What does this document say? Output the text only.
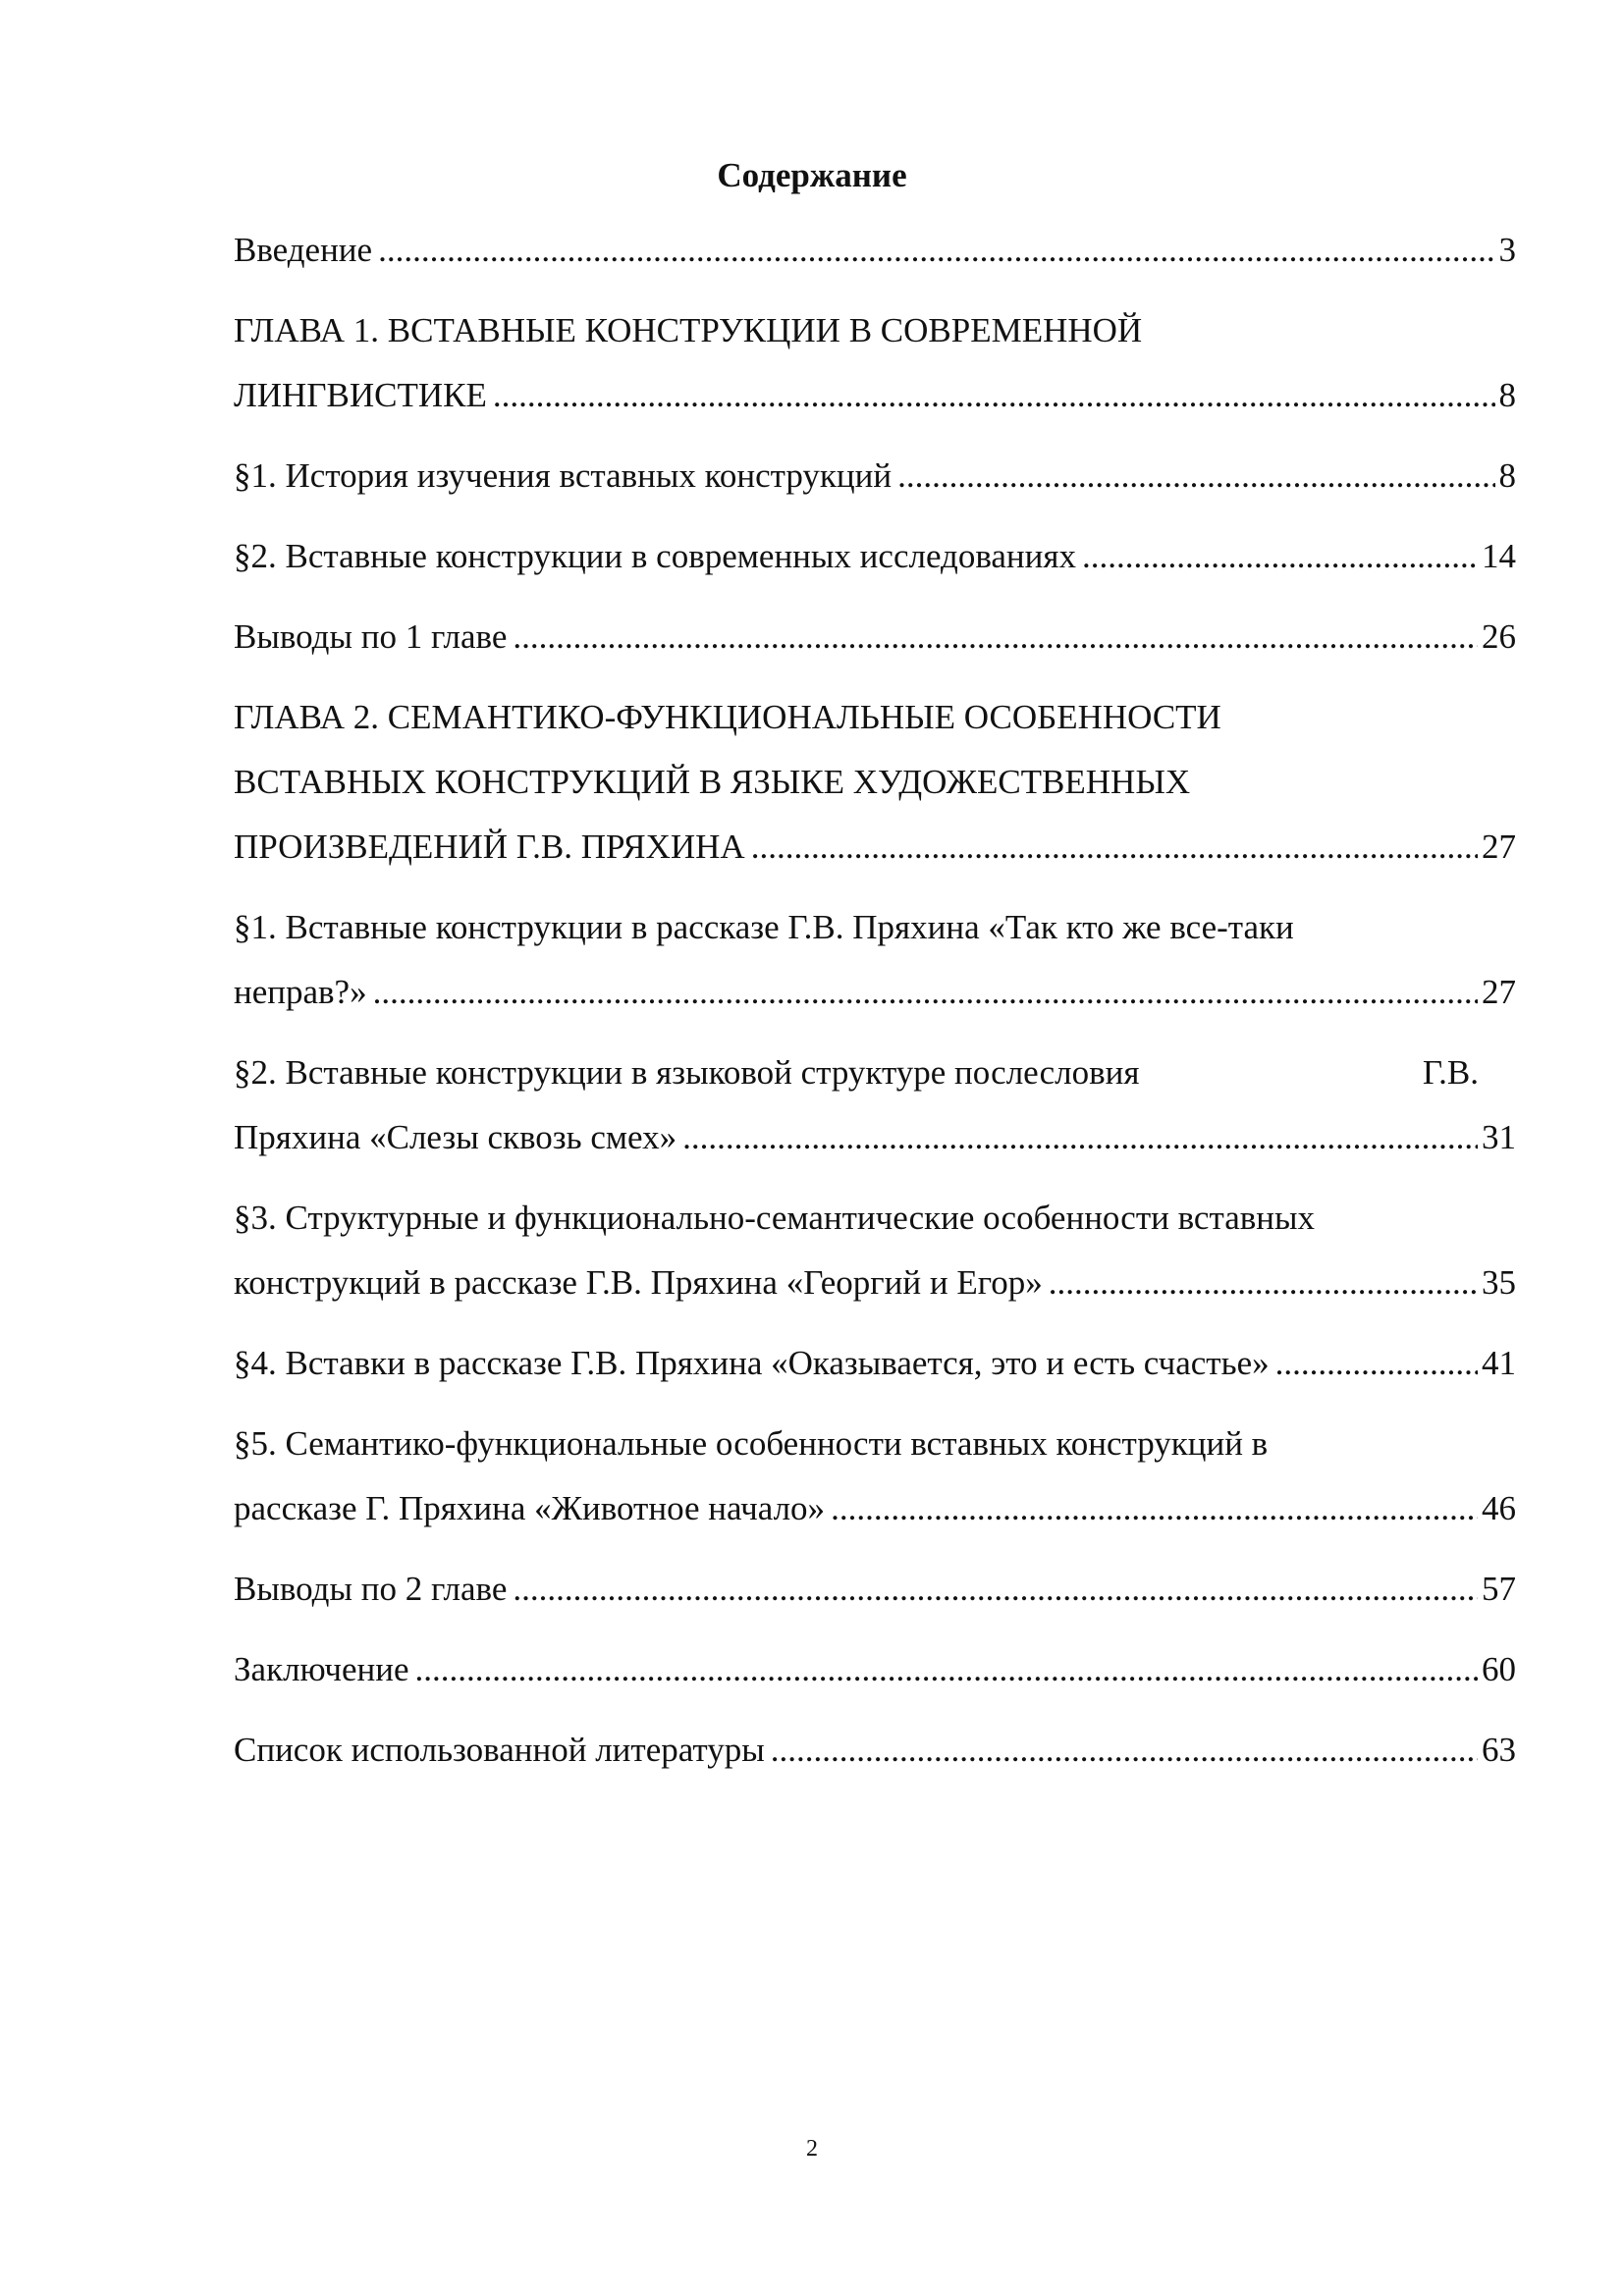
Содержание
Введение .....	3
ГЛАВА 1. ВСТАВНЫЕ КОНСТРУКЦИИ В СОВРЕМЕННОЙ
ЛИНГВИСТИКЕ .....	8
§1. История изучения вставных конструкций .....	8
§2. Вставные конструкции в современных исследованиях .....	14
Выводы по 1 главе .....	26
ГЛАВА 2. СЕМАНТИКО-ФУНКЦИОНАЛЬНЫЕ ОСОБЕННОСТИ
ВСТАВНЫХ КОНСТРУКЦИЙ В ЯЗЫКЕ ХУДОЖЕСТВЕННЫХ
ПРОИЗВЕДЕНИЙ Г.В. ПРЯХИНА .....	27
§1. Вставные конструкции в рассказе Г.В. Пряхина «Так кто же все-таки
неправ?» .....	27
§2. Вставные конструкции в языковой структуре послесловия	Г.В.
Пряхина «Слезы сквозь смех» .....	31
§3. Структурные и функционально-семантические особенности вставных
конструкций в рассказе Г.В. Пряхина «Георгий и Егор» .....	35
§4. Вставки в рассказе Г.В. Пряхина «Оказывается, это и есть счастье» .....	41
§5. Семантико-функциональные особенности вставных конструкций в
рассказе Г. Пряхина «Животное начало» .....	46
Выводы по 2 главе .....	57
Заключение .....	60
Список использованной литературы .....	63
2
